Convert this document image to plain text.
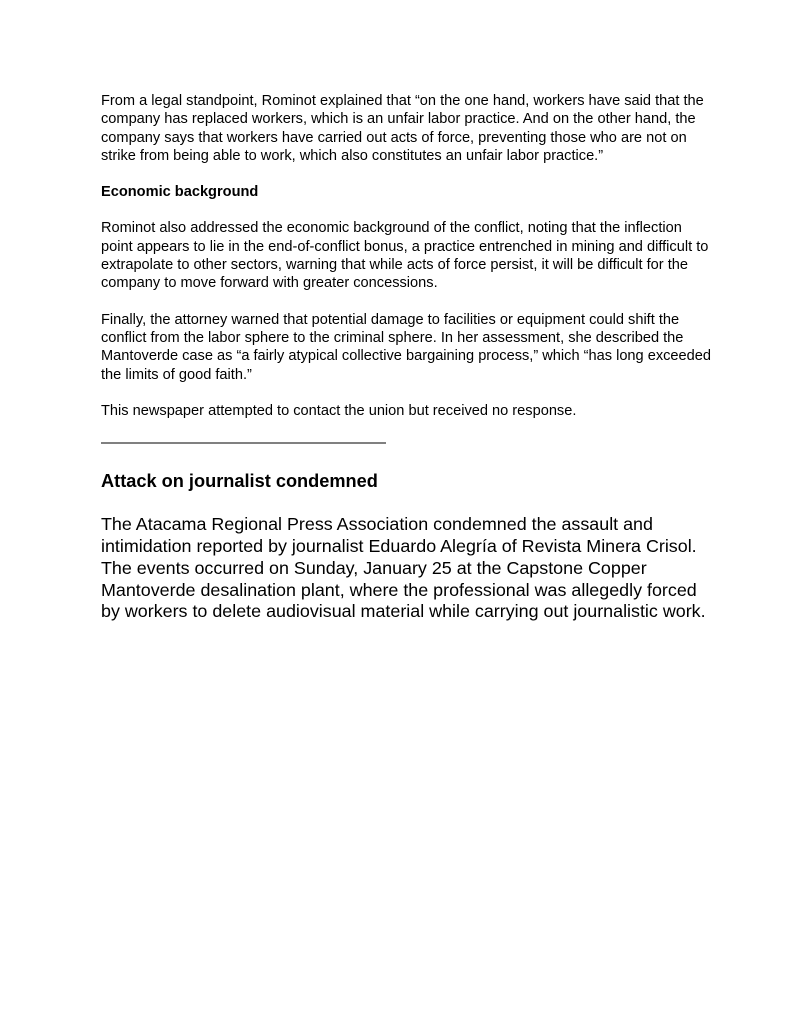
From a legal standpoint, Rominot explained that “on the one hand, workers have said that the company has replaced workers, which is an unfair labor practice. And on the other hand, the company says that workers have carried out acts of force, preventing those who are not on strike from being able to work, which also constitutes an unfair labor practice.”

Economic background

Rominot also addressed the economic background of the conflict, noting that the inflection point appears to lie in the end-of-conflict bonus, a practice entrenched in mining and difficult to extrapolate to other sectors, warning that while acts of force persist, it will be difficult for the company to move forward with greater concessions.

Finally, the attorney warned that potential damage to facilities or equipment could shift the conflict from the labor sphere to the criminal sphere. In her assessment, she described the Mantoverde case as “a fairly atypical collective bargaining process,” which “has long exceeded the limits of good faith.”

This newspaper attempted to contact the union but received no response.

———————————————————
Attack on journalist condemned

The Atacama Regional Press Association condemned the assault and intimidation reported by journalist Eduardo Alegría of Revista Minera Crisol. The events occurred on Sunday, January 25 at the Capstone Copper Mantoverde desalination plant, where the professional was allegedly forced by workers to delete audiovisual material while carrying out journalistic work.
